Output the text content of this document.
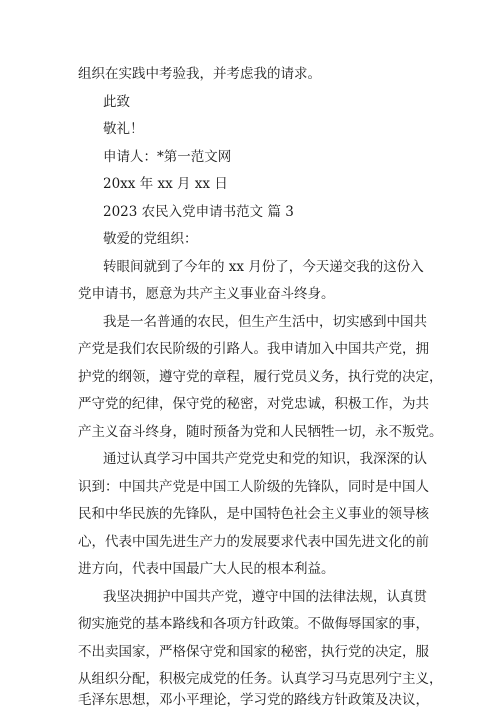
组织在实践中考验我，并考虑我的请求。
此致
敬礼！
申请人：*第一范文网
20xx 年 xx 月 xx 日
2023 农民入党申请书范文 篇 3
敬爱的党组织：
转眼间就到了今年的 xx 月份了，今天递交我的这份入
党申请书，愿意为共产主义事业奋斗终身。
我是一名普通的农民，但生产生活中，切实感到中国共
产党是我们农民阶级的引路人。我申请加入中国共产党，拥
护党的纲领，遵守党的章程，履行党员义务，执行党的决定，
严守党的纪律，保守党的秘密，对党忠诚，积极工作，为共
产主义奋斗终身，随时预备为党和人民牺牲一切，永不叛党。
通过认真学习中国共产党党史和党的知识，我深深的认
识到：中国共产党是中国工人阶级的先锋队，同时是中国人
民和中华民族的先锋队，是中国特色社会主义事业的领导核
心，代表中国先进生产力的发展要求代表中国先进文化的前
进方向，代表中国最广大人民的根本利益。
我坚决拥护中国共产党，遵守中国的法律法规，认真贯
彻实施党的基本路线和各项方针政策。不做侮辱国家的事，
不出卖国家，严格保守党和国家的秘密，执行党的决定，服
从组织分配，积极完成党的任务。认真学习马克思列宁主义，
毛泽东思想，邓小平理论，学习党的路线方针政策及决议，
